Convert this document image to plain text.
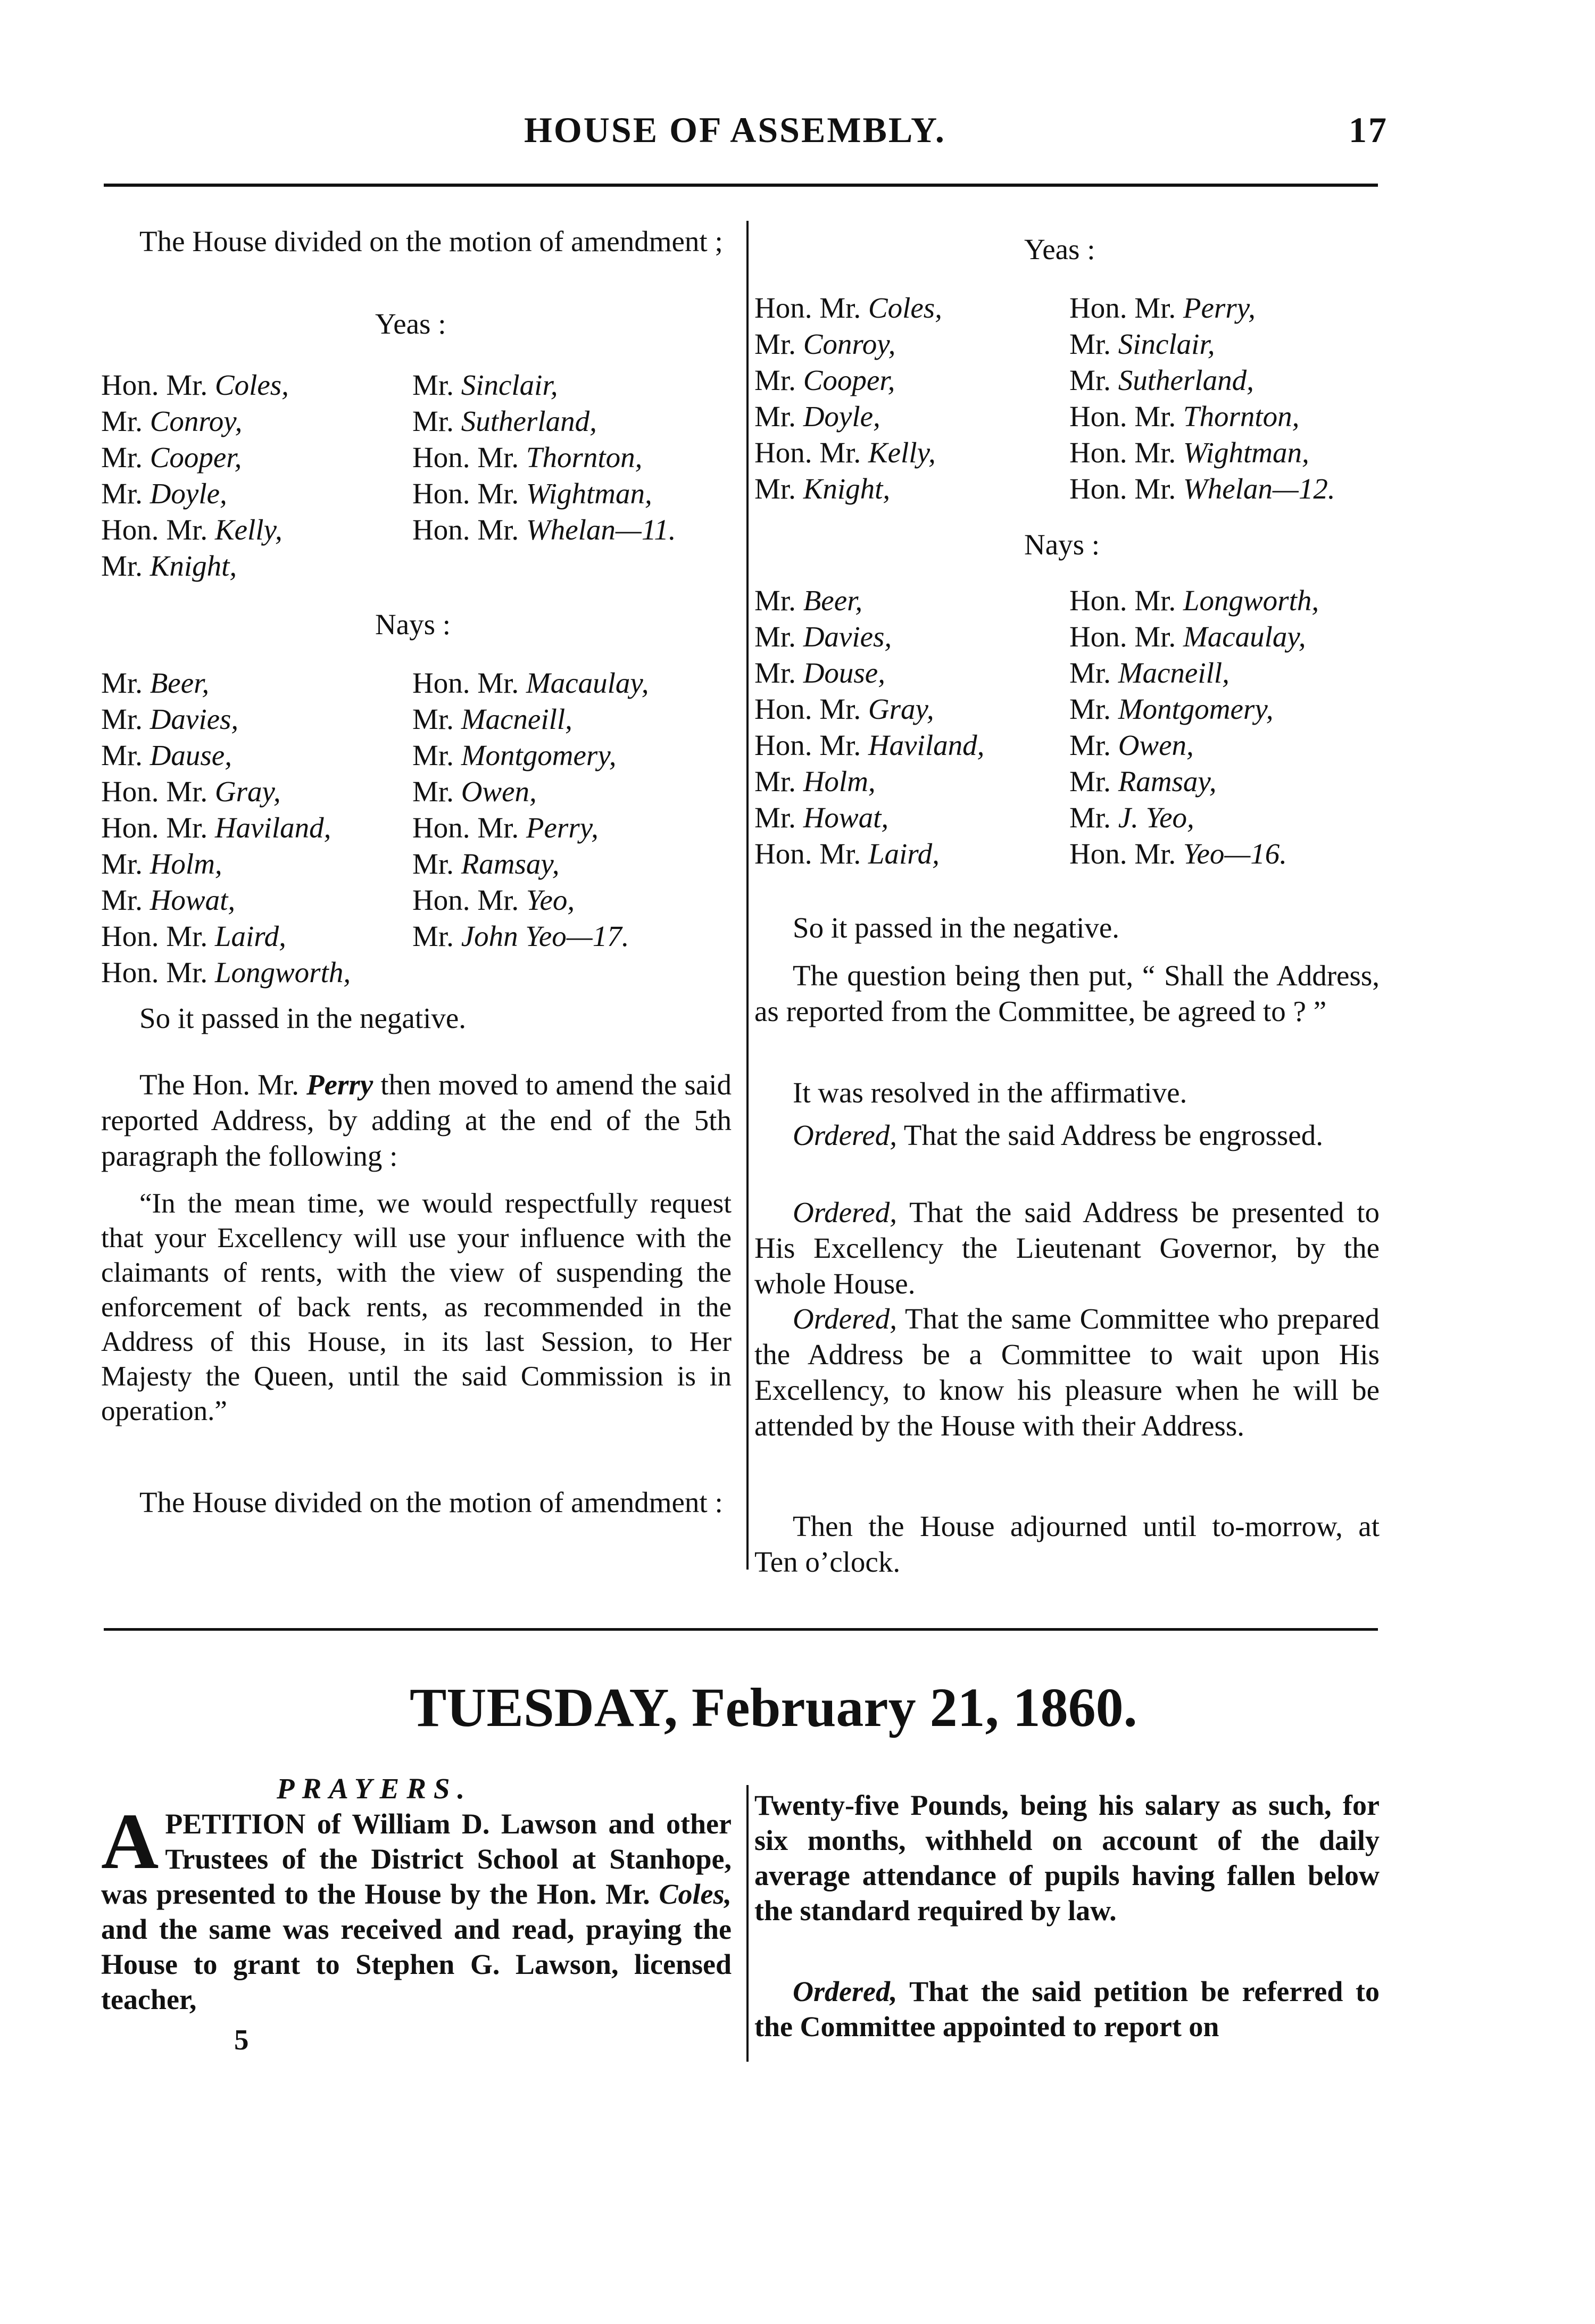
HOUSE OF ASSEMBLY.	17
The House divided on the motion of amendment ;
Yeas :
Hon. Mr. Coles,
Mr. Conroy,
Mr. Cooper,
Mr. Doyle,
Hon. Mr. Kelly,
Mr. Knight,
Mr. Sinclair,
Mr. Sutherland,
Hon. Mr. Thornton,
Hon. Mr. Wightman,
Hon. Mr. Whelan—11.
Nays :
Mr. Beer,
Mr. Davies,
Mr. Dause,
Hon. Mr. Gray,
Hon. Mr. Haviland,
Mr. Holm,
Mr. Howat,
Hon. Mr. Laird,
Hon. Mr. Longworth,
Hon. Mr. Macaulay,
Mr. Macneill,
Mr. Montgomery,
Mr. Owen,
Hon. Mr. Perry,
Mr. Ramsay,
Hon. Mr. Yeo,
Mr. John Yeo—17.
So it passed in the negative.
The Hon. Mr. Perry then moved to amend the said reported Address, by adding at the end of the 5th paragraph the following :
“In the mean time, we would respectfully request that your Excellency will use your influence with the claimants of rents, with the view of suspending the enforcement of back rents, as recommended in the Address of this House, in its last Session, to Her Majesty the Queen, until the said Commission is in operation.”
The House divided on the motion of amendment :
Yeas :
Hon. Mr. Coles,
Mr. Conroy,
Mr. Cooper,
Mr. Doyle,
Hon. Mr. Kelly,
Mr. Knight,
Hon. Mr. Perry,
Mr. Sinclair,
Mr. Sutherland,
Hon. Mr. Thornton,
Hon. Mr. Wightman,
Hon. Mr. Whelan—12.
Nays :
Mr. Beer,
Mr. Davies,
Mr. Douse,
Hon. Mr. Gray,
Hon. Mr. Haviland,
Mr. Holm,
Mr. Howat,
Hon. Mr. Laird,
Hon. Mr. Longworth,
Hon. Mr. Macaulay,
Mr. Macneill,
Mr. Montgomery,
Mr. Owen,
Mr. Ramsay,
Mr. J. Yeo,
Hon. Mr. Yeo—16.
So it passed in the negative.
The question being then put, “ Shall the Address, as reported from the Committee, be agreed to ? ”
It was resolved in the affirmative.
Ordered, That the said Address be engrossed.
Ordered, That the said Address be presented to His Excellency the Lieutenant Governor, by the whole House.
Ordered, That the same Committee who prepared the Address be a Committee to wait upon His Excellency, to know his pleasure when he will be attended by the House with their Address.
Then the House adjourned until to-morrow, at Ten o’clock.
TUESDAY, February 21, 1860.
PRAYERS.
APETITION of William D. Lawson and other Trustees of the District School at Stanhope, was presented to the House by the Hon. Mr. Coles, and the same was received and read, praying the House to grant to Stephen G. Lawson, licensed teacher,
5
Twenty-five Pounds, being his salary as such, for six months, withheld on account of the daily average attendance of pupils having fallen below the standard required by law.
Ordered, That the said petition be referred to the Committee appointed to report on
